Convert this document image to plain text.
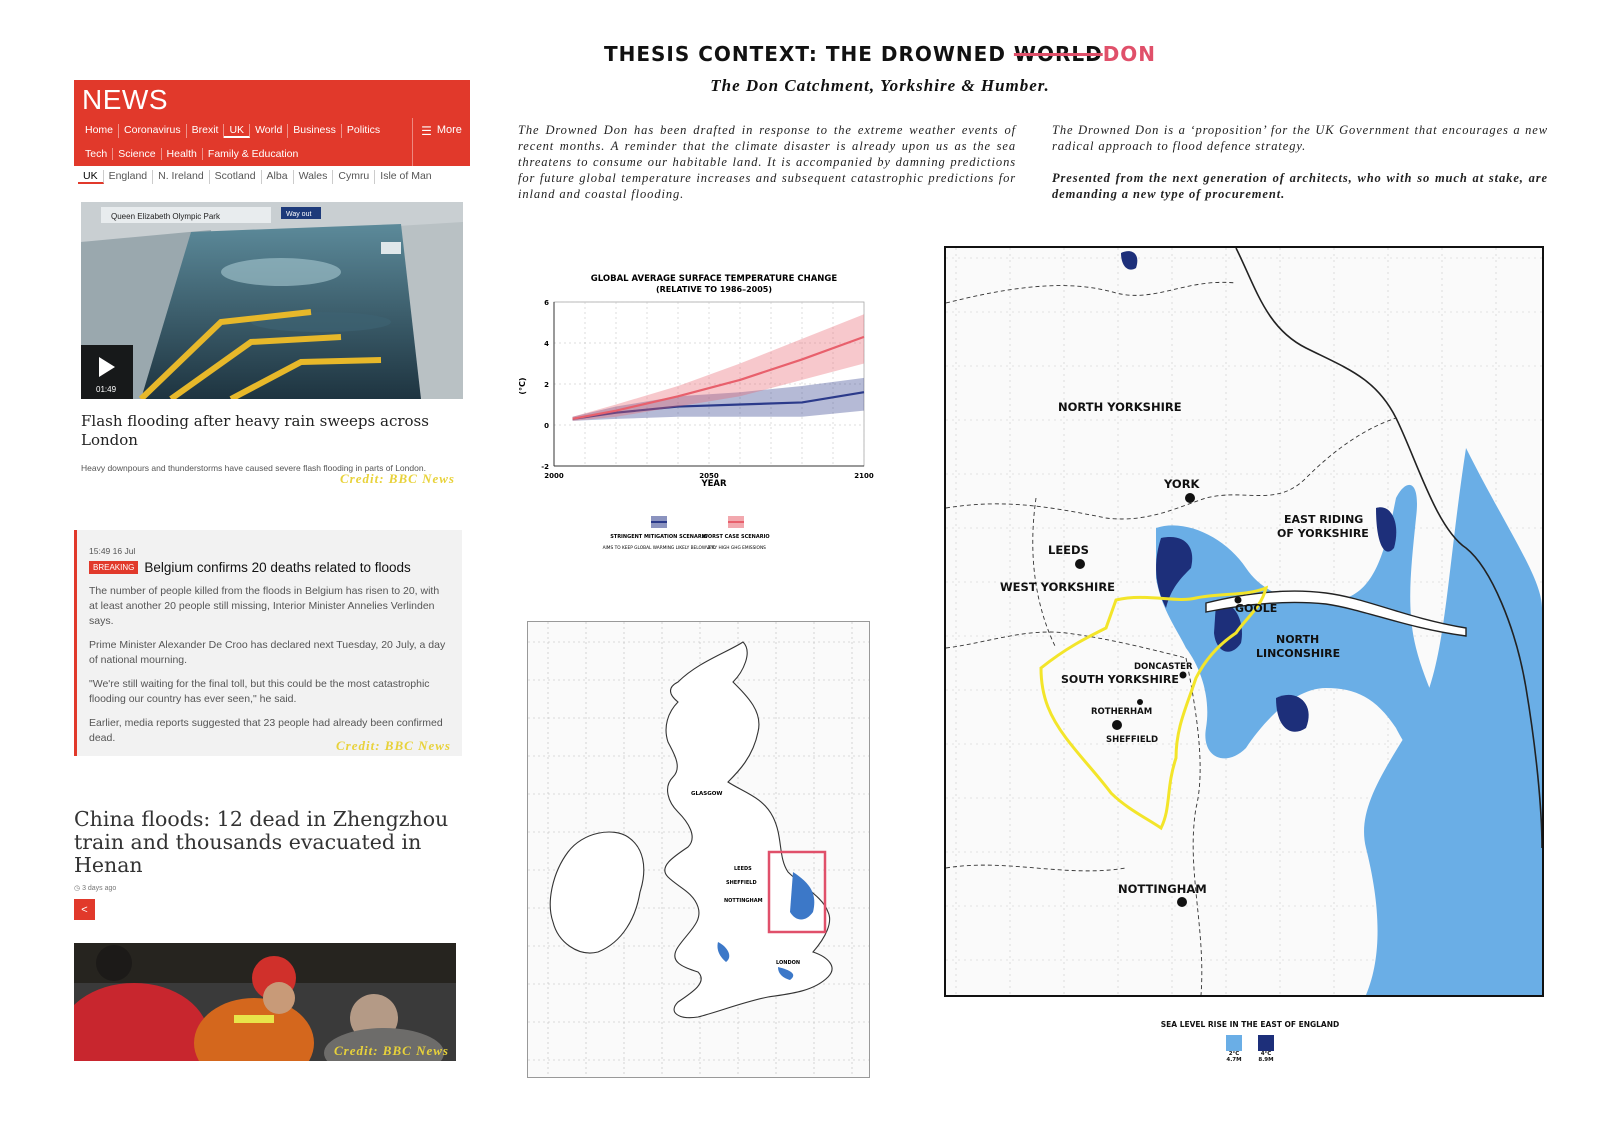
THESIS CONTEXT: THE DROWNED WORLDDON
The Don Catchment, Yorkshire & Humber.
The Drowned Don has been drafted in response to the extreme weather events of recent months. A reminder that the climate disaster is already upon us as the sea threatens to consume our habitable land. It is accompanied by damning predictions for future global temperature increases and subsequent catastrophic predictions for inland and coastal flooding.
The Drowned Don is a ‘proposition’ for the UK Government that encourages a new radical approach to flood defence strategy.
Presented from the next generation of architects, who with so much at stake, are demanding a new type of procurement.
NEWS
Home	Coronavirus	Brexit	UK	World	Business	Politics
Tech	Science	Health	Family & Education
☰ More
UK	England	N. Ireland	Scotland	Alba	Wales	Cymru	Isle of Man
Queen Elizabeth Olympic Park	Way out
01:49
Flash flooding after heavy rain sweeps across London
Heavy downpours and thunderstorms have caused severe flash flooding in parts of London.
Credit: BBC News
15:49 16 Jul
BREAKING Belgium confirms 20 deaths related to floods

The number of people killed from the floods in Belgium has risen to 20, with at least another 20 people still missing, Interior Minister Annelies Verlinden says.

Prime Minister Alexander De Croo has declared next Tuesday, 20 July, a day of national mourning.

"We're still waiting for the final toll, but this could be the most catastrophic flooding our country has ever seen," he said.

Earlier, media reports suggested that 23 people had already been confirmed dead.	Credit: BBC News
China floods: 12 dead in Zhengzhou train and thousands evacuated in Henan
◷ 3 days ago
<
Credit: BBC News
GLOBAL AVERAGE SURFACE TEMPERATURE CHANGE
(RELATIVE TO 1986–2005)
(°C)
YEAR
-2
0
2
4
6
2000	2050	2100
STRINGENT MITIGATION SCENARIO
AIMS TO KEEP GLOBAL WARMING LIKELY BELOW 2°C
WORST CASE SCENARIO
VERY HIGH GHG EMISSIONS
GLASGOW
LEEDS
SHEFFIELD
NOTTINGHAM
LONDON
NORTH YORKSHIRE
YORK
EAST RIDING
OF YORKSHIRE
LEEDS
WEST YORKSHIRE
GOOLE
NORTH
LINCONSHIRE
DONCASTER
SOUTH YORKSHIRE
ROTHERHAM
SHEFFIELD
NOTTINGHAM
SEA LEVEL RISE IN THE EAST OF ENGLAND
2°C
4.7M
4°C
8.9M
